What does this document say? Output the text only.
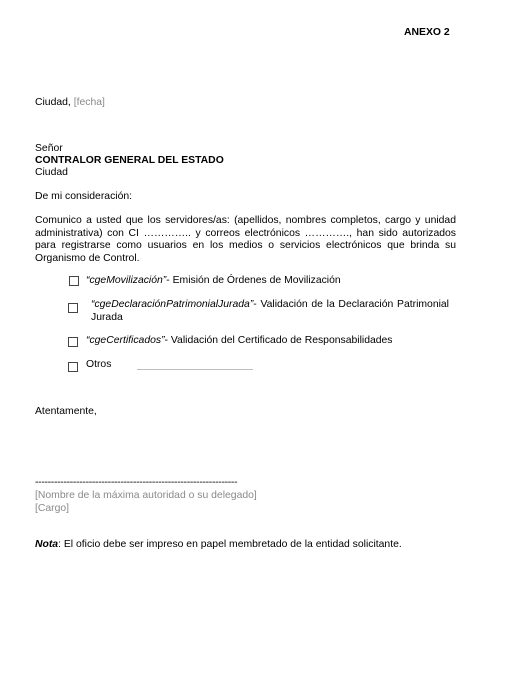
ANEXO 2
Ciudad, [fecha]
Señor
CONTRALOR GENERAL DEL ESTADO
Ciudad
De mi consideración:
Comunico a usted que los servidores/as: (apellidos, nombres completos, cargo y unidad administrativa) con CI ………….. y correos electrónicos …………., han sido autorizados para registrarse como usuarios en los medios o servicios electrónicos que brinda su Organismo de Control.
“cgeMovilización”- Emisión de Órdenes de Movilización
“cgeDeclaraciónPatrimonialJurada”- Validación de la Declaración Patrimonial Jurada
“cgeCertificados”- Validación del Certificado de Responsabilidades
Otros
Atentamente,
----------------------------------------------------------------
[Nombre de la máxima autoridad o su delegado]
[Cargo]
Nota: El oficio debe ser impreso en papel membretado de la entidad solicitante.
